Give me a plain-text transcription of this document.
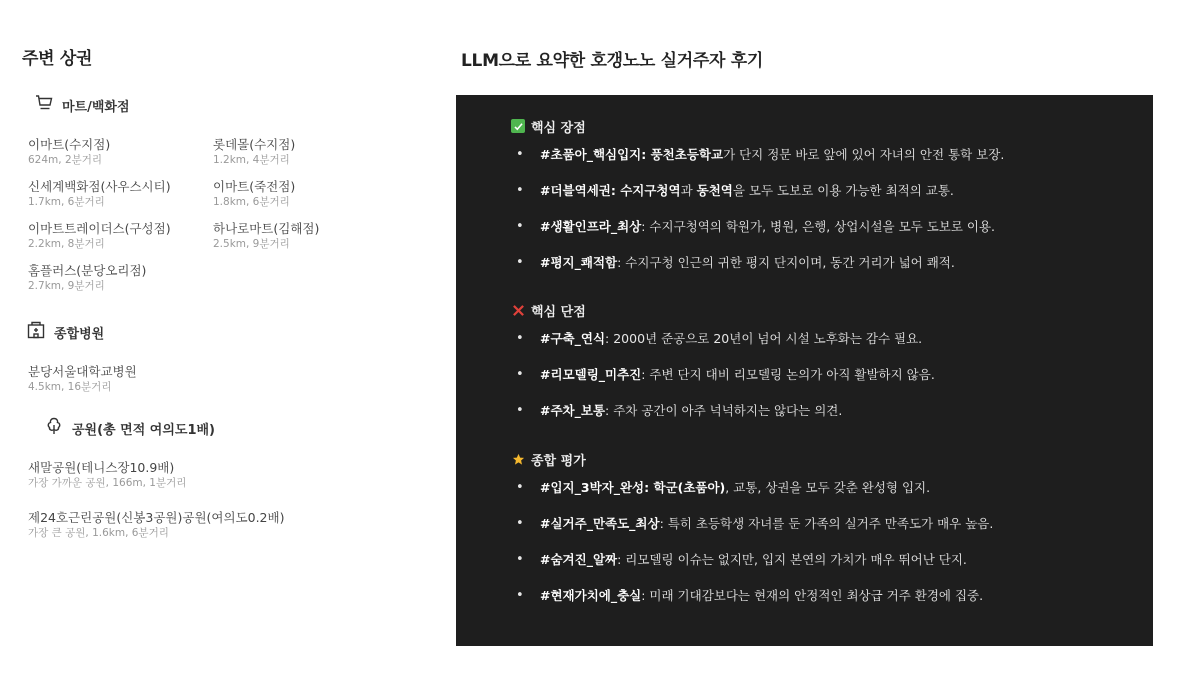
주변 상권
마트/백화점
이마트(수지점)
624m, 2분거리
롯데몰(수지점)
1.2km, 4분거리
신세계백화점(사우스시티)
1.7km, 6분거리
이마트(죽전점)
1.8km, 6분거리
이마트트레이더스(구성점)
2.2km, 8분거리
하나로마트(김해점)
2.5km, 9분거리
홈플러스(분당오리점)
2.7km, 9분거리
종합병원
분당서울대학교병원
4.5km, 16분거리
공원(총 면적 여의도1배)
새말공원(테니스장10.9배)
가장 가까운 공원, 166m, 1분거리
제24호근린공원(신봉3공원)공원(여의도0.2배)
가장 큰 공원, 1.6km, 6분거리
LLM으로 요약한 호갱노노 실거주자 후기
핵심 장점
• #초품아_핵심입지: 풍천초등학교가 단지 정문 바로 앞에 있어 자녀의 안전 통학 보장.
• #더블역세권: 수지구청역과 동천역을 모두 도보로 이용 가능한 최적의 교통.
• #생활인프라_최상: 수지구청역의 학원가, 병원, 은행, 상업시설을 모두 도보로 이용.
• #평지_쾌적함: 수지구청 인근의 귀한 평지 단지이며, 동간 거리가 넓어 쾌적.
핵심 단점
• #구축_연식: 2000년 준공으로 20년이 넘어 시설 노후화는 감수 필요.
• #리모델링_미추진: 주변 단지 대비 리모델링 논의가 아직 활발하지 않음.
• #주차_보통: 주차 공간이 아주 넉넉하지는 않다는 의견.
종합 평가
• #입지_3박자_완성: 학군(초품아), 교통, 상권을 모두 갖춘 완성형 입지.
• #실거주_만족도_최상: 특히 초등학생 자녀를 둔 가족의 실거주 만족도가 매우 높음.
• #숨겨진_알짜: 리모델링 이슈는 없지만, 입지 본연의 가치가 매우 뛰어난 단지.
• #현재가치에_충실: 미래 기대감보다는 현재의 안정적인 최상급 거주 환경에 집중.
